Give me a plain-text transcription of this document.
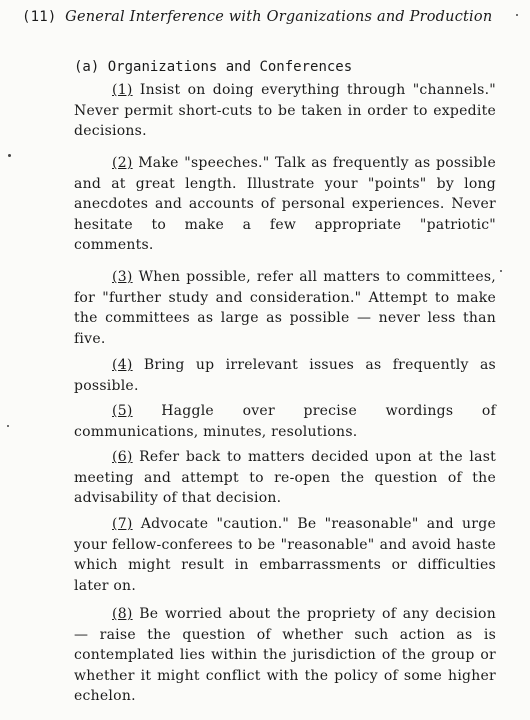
(11) General Interference with Organizations and Production
(a) Organizations and Conferences

(1) Insist on doing everything through "channels." Never permit short-cuts to be taken in order to expedite decisions.

(2) Make "speeches." Talk as frequently as possible and at great length. Illustrate your "points" by long anecdotes and accounts of personal experiences. Never hesitate to make a few appropriate "patriotic" comments.

(3) When possible, refer all matters to committees, for "further study and consideration." Attempt to make the committees as large as possible — never less than five.

(4) Bring up irrelevant issues as frequently as possible.

(5) Haggle over precise wordings of communications, minutes, resolutions.

(6) Refer back to matters decided upon at the last meeting and attempt to re-open the question of the advisability of that decision.

(7) Advocate "caution." Be "reasonable" and urge your fellow-conferees to be "reasonable" and avoid haste which might result in embarrassments or difficulties later on.

(8) Be worried about the propriety of any decision — raise the question of whether such action as is contemplated lies within the jurisdiction of the group or whether it might conflict with the policy of some higher echelon.
